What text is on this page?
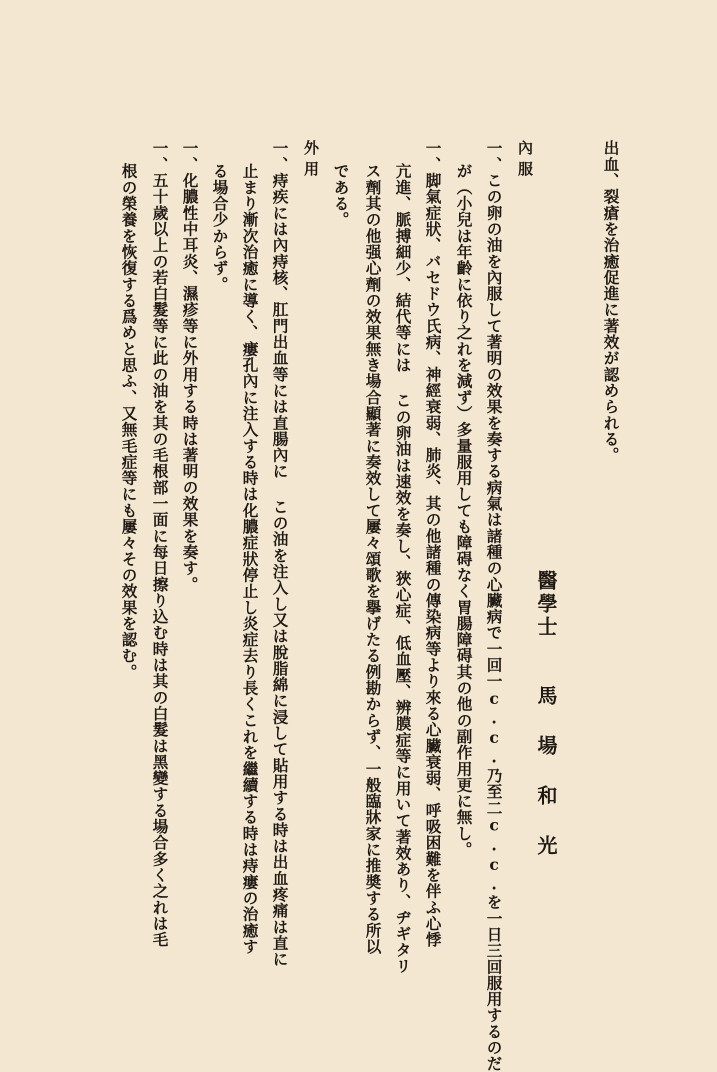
醫學士馬場和光
出血、裂瘡を治癒促進に著效が認められる。
內服
一、この卵の油を內服して著明の效果を奏する病氣は諸種の心臟病で一回一c.c.乃至二c.c.を一日三回服用するのだ
が（小兒は年齡に依り之れを減ず）多量服用しても障碍なく胃腸障碍其の他の副作用更に無し。
一、脚氣症狀、バセドウ氏病、神經衰弱、肺炎、其の他諸種の傳染病等より來る心臟衰弱、呼吸困難を伴ふ心悸
亢進、脈搏細少、結代等には この卵油は速效を奏し、狹心症、低血壓、辨膜症等に用いて著效あり、ヂギタリ
ス劑其の他强心劑の效果無き場合顯著に奏效して屢々頌歌を擧げたる例勘からず、一般臨牀家に推奬する所以
である。
外用
一、痔疾には內痔核、肛門出血等には直腸內に この油を注入し又は脫脂綿に浸して貼用する時は出血疼痛は直に
止まり漸次治癒に導く、瘻孔內に注入する時は化膿症狀停止し炎症去り長くこれを繼續する時は痔瘻の治癒す
る場合少からず。
一、化膿性中耳炎、濕疹等に外用する時は著明の效果を奏す。
一、五十歲以上の若白髮等に此の油を其の毛根部一面に每日擦り込む時は其の白髮は黑變する場合多く之れは毛
根の榮養を恢復する爲めと思ふ、又無毛症等にも屢々その效果を認む。
